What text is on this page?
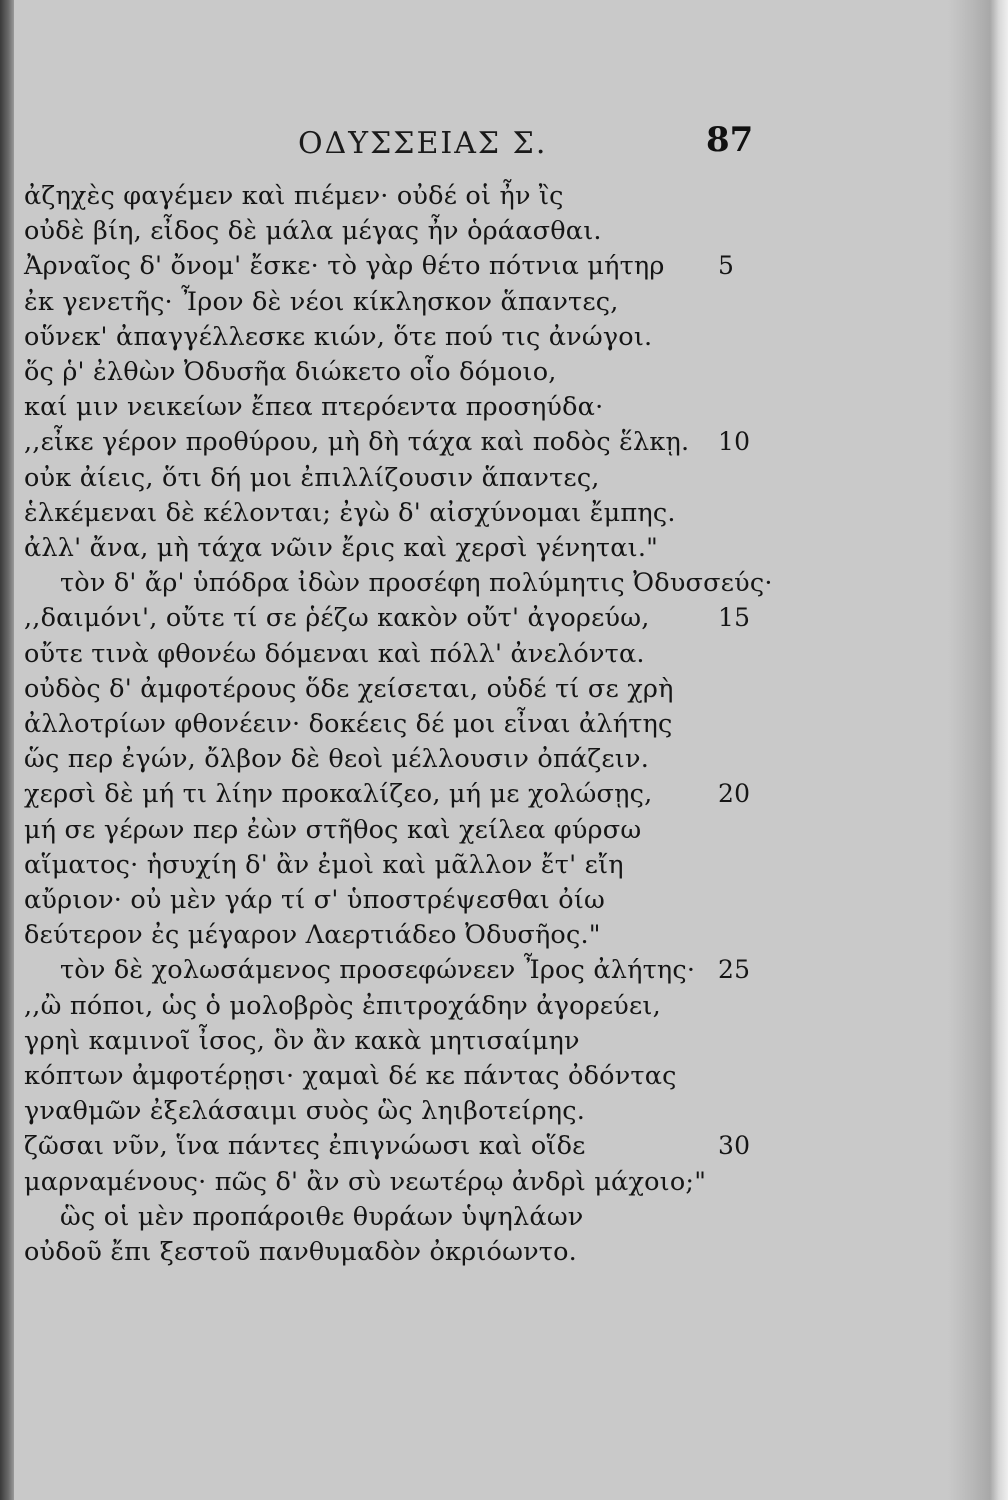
ΟΔΥΣΣΕΙΑΣ Σ.	87
ἀζηχὲς φαγέμεν καὶ πιέμεν· οὐδέ οἱ ἦν ἲς
οὐδὲ βίη, εἶδος δὲ μάλα μέγας ἦν ὁράασθαι.
Ἀρναῖος δ' ὄνομ' ἔσκε· τὸ γὰρ θέτο πότνια μήτηρ 5
ἐκ γενετῆς· Ἶρον δὲ νέοι κίκλησκον ἅπαντες,
οὕνεκ' ἀπαγγέλλεσκε κιών, ὅτε πού τις ἀνώγοι.
ὅς ῥ' ἐλθὼν Ὀδυσῆα διώκετο οἷο δόμοιο,
καί μιν νεικείων ἔπεα πτερόεντα προσηύδα·
,,εἶκε γέρον προθύρου, μὴ δὴ τάχα καὶ ποδὸς ἕλκῃ. 10
οὐκ ἀίεις, ὅτι δή μοι ἐπιλλίζουσιν ἅπαντες,
ἑλκέμεναι δὲ κέλονται; ἐγὼ δ' αἰσχύνομαι ἔμπης.
ἀλλ' ἄνα, μὴ τάχα νῶιν ἔρις καὶ χερσὶ γένηται."
τὸν δ' ἄρ' ὑπόδρα ἰδὼν προσέφη πολύμητις Ὀδυσσεύς·
,,δαιμόνι', οὔτε τί σε ῥέζω κακὸν οὔτ' ἀγορεύω,	15
οὔτε τινὰ φθονέω δόμεναι καὶ πόλλ' ἀνελόντα.
οὐδὸς δ' ἀμφοτέρους ὅδε χείσεται, οὐδέ τί σε χρὴ
ἀλλοτρίων φθονέειν· δοκέεις δέ μοι εἶναι ἀλήτης
ὥς περ ἐγών, ὄλβον δὲ θεοὶ μέλλουσιν ὀπάζειν.
χερσὶ δὲ μή τι λίην προκαλίζεο, μή με χολώσῃς,	20
μή σε γέρων περ ἐὼν στῆθος καὶ χείλεα φύρσω
αἵματος· ἡσυχίη δ' ἂν ἐμοὶ καὶ μᾶλλον ἔτ' εἴη
αὔριον· οὐ μὲν γάρ τί σ' ὑποστρέψεσθαι ὀίω
δεύτερον ἐς μέγαρον Λαερτιάδεο Ὀδυσῆος."
τὸν δὲ χολωσάμενος προσεφώνεεν Ἶρος ἀλήτης· 25
,,ὢ πόποι, ὡς ὁ μολοβρὸς ἐπιτροχάδην ἀγορεύει,
γρηὶ καμινοῖ ἶσος, ὃν ἂν κακὰ μητισαίμην
κόπτων ἀμφοτέρῃσι· χαμαὶ δέ κε πάντας ὀδόντας
γναθμῶν ἐξελάσαιμι συὸς ὣς ληιβοτείρης.
ζῶσαι νῦν, ἵνα πάντες ἐπιγνώωσι καὶ οἵδε	30
μαρναμένους· πῶς δ' ἂν σὺ νεωτέρῳ ἀνδρὶ μάχοιο;"
ὣς οἱ μὲν προπάροιθε θυράων ὑψηλάων
οὐδοῦ ἔπι ξεστοῦ πανθυμαδὸν ὀκριόωντο.
